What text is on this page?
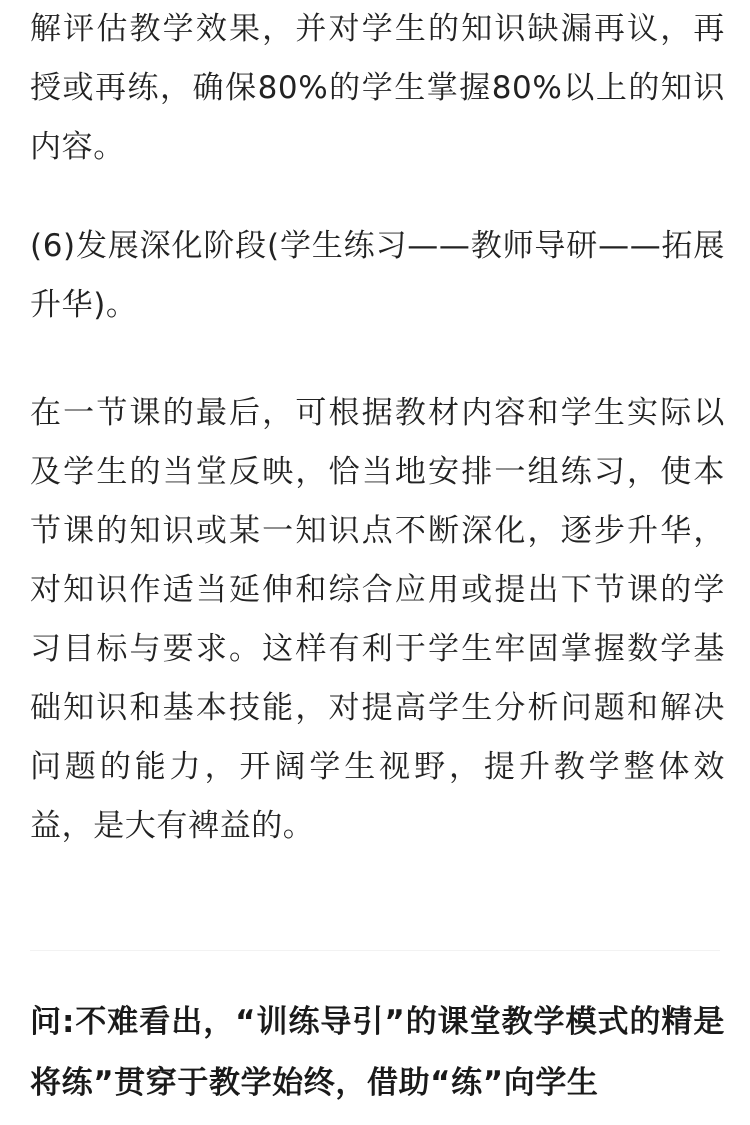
解评估教学效果，并对学生的知识缺漏再议，再授或再练，确保80%的学生掌握80%以上的知识内容。

(6)发展深化阶段(学生练习——教师导研——拓展升华)。

在一节课的最后，可根据教材内容和学生实际以及学生的当堂反映，恰当地安排一组练习，使本节课的知识或某一知识点不断深化，逐步升华，对知识作适当延伸和综合应用或提出下节课的学习目标与要求。这样有利于学生牢固掌握数学基础知识和基本技能，对提高学生分析问题和解决问题的能力，开阔学生视野，提升教学整体效益，是大有裨益的。

问:不难看出，“训练导引”的课堂教学模式的精是将练”贯穿于教学始终，借助“练”向学生
